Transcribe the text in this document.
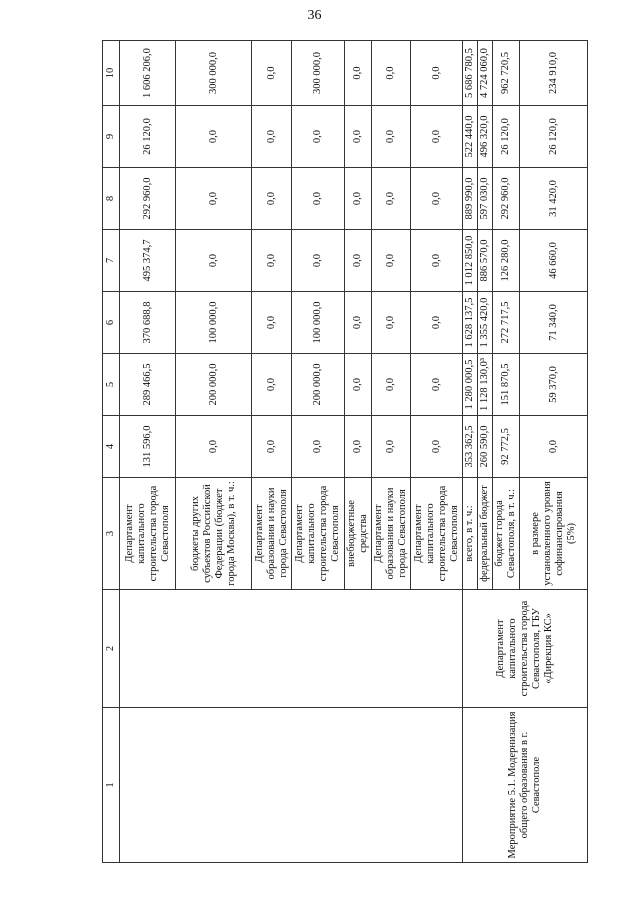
36
1	2	3	4	5	6	7	8	9	10
		Департамент капитального строительства города Севастополя	131 596,0	289 466,5	370 688,8	495 374,7	292 960,0	26 120,0	1 606 206,0
		бюджеты других субъектов Российской Федерации (бюджет города Москвы), в т. ч.:	0,0	200 000,0	100 000,0	0,0	0,0	0,0	300 000,0
		Департамент образования и науки города Севастополя	0,0	0,0	0,0	0,0	0,0	0,0	0,0
		Департамент капитального строительства города Севастополя	0,0	200 000,0	100 000,0	0,0	0,0	0,0	300 000,0
		внебюджетные средства	0,0	0,0	0,0	0,0	0,0	0,0	0,0
		Департамент образования и науки города Севастополя	0,0	0,0	0,0	0,0	0,0	0,0	0,0
		Департамент капитального строительства города Севастополя	0,0	0,0	0,0	0,0	0,0	0,0	0,0
Мероприятие 5.1. Модернизация общего образования в г. Севастополе	Департамент капитального строительства города Севастополя, ГБУ «Дирекция КС»	всего, в т. ч.:	353 362,5	1 280 000,5	1 628 137,5	1 012 850,0	889 990,0	522 440,0	5 686 780,5
		федеральный бюджет	260 590,0	1 128 130,0³	1 355 420,0	886 570,0	597 030,0	496 320,0	4 724 060,0
		бюджет города Севастополя, в т. ч.:	92 772,5	151 870,5	272 717,5	126 280,0	292 960,0	26 120,0	962 720,5
		в размере установленного уровня софинансирования (5%)	0,0	59 370,0	71 340,0	46 660,0	31 420,0	26 120,0	234 910,0
